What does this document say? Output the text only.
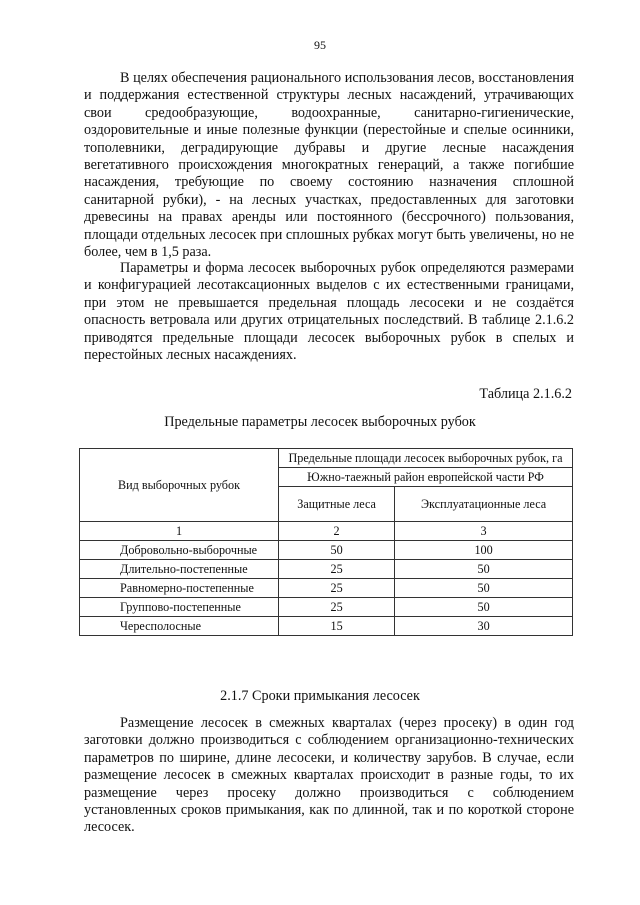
95

В целях обеспечения рационального использования лесов, восстановления и поддержания естественной структуры лесных насаждений, утрачивающих свои средообразующие, водоохранные, санитарно-гигиенические, оздоровительные и иные полезные функции (перестойные и спелые осинники, тополевники, деградирующие дубравы и другие лесные насаждения вегетативного происхождения многократных генераций, а также погибшие насаждения, требующие по своему состоянию назначения сплошной санитарной рубки), - на лесных участках, предоставленных для заготовки древесины на правах аренды или постоянного (бессрочного) пользования, площади отдельных лесосек при сплошных рубках могут быть увеличены, но не более, чем в 1,5 раза.

Параметры и форма лесосек выборочных рубок определяются размерами и конфигурацией лесотаксационных выделов с их естественными границами, при этом не превышается предельная площадь лесосеки и не создаётся опасность ветровала или других отрицательных последствий. В таблице 2.1.6.2 приводятся предельные площади лесосек выборочных рубок в спелых и перестойных лесных насаждениях.

Таблица 2.1.6.2
Предельные параметры лесосек выборочных рубок
Вид выборочных рубок	Предельные площади лесосек выборочных рубок, га	
	Южно-таежный район европейской части РФ	
	Защитные леса	Эксплуатационные леса
1	2	3
Добровольно-выборочные	50	100
Длительно-постепенные	25	50
Равномерно-постепенные	25	50
Группово-постепенные	25	50
Чересполосные	15	30
2.1.7 Сроки примыкания лесосек

Размещение лесосек в смежных кварталах (через просеку) в один год заготовки должно производиться с соблюдением организационно-технических параметров по ширине, длине лесосеки, и количеству зарубов. В случае, если размещение лесосек в смежных кварталах происходит в разные годы, то их размещение через просеку должно производиться с соблюдением установленных сроков примыкания, как по длинной, так и по короткой стороне лесосек.
